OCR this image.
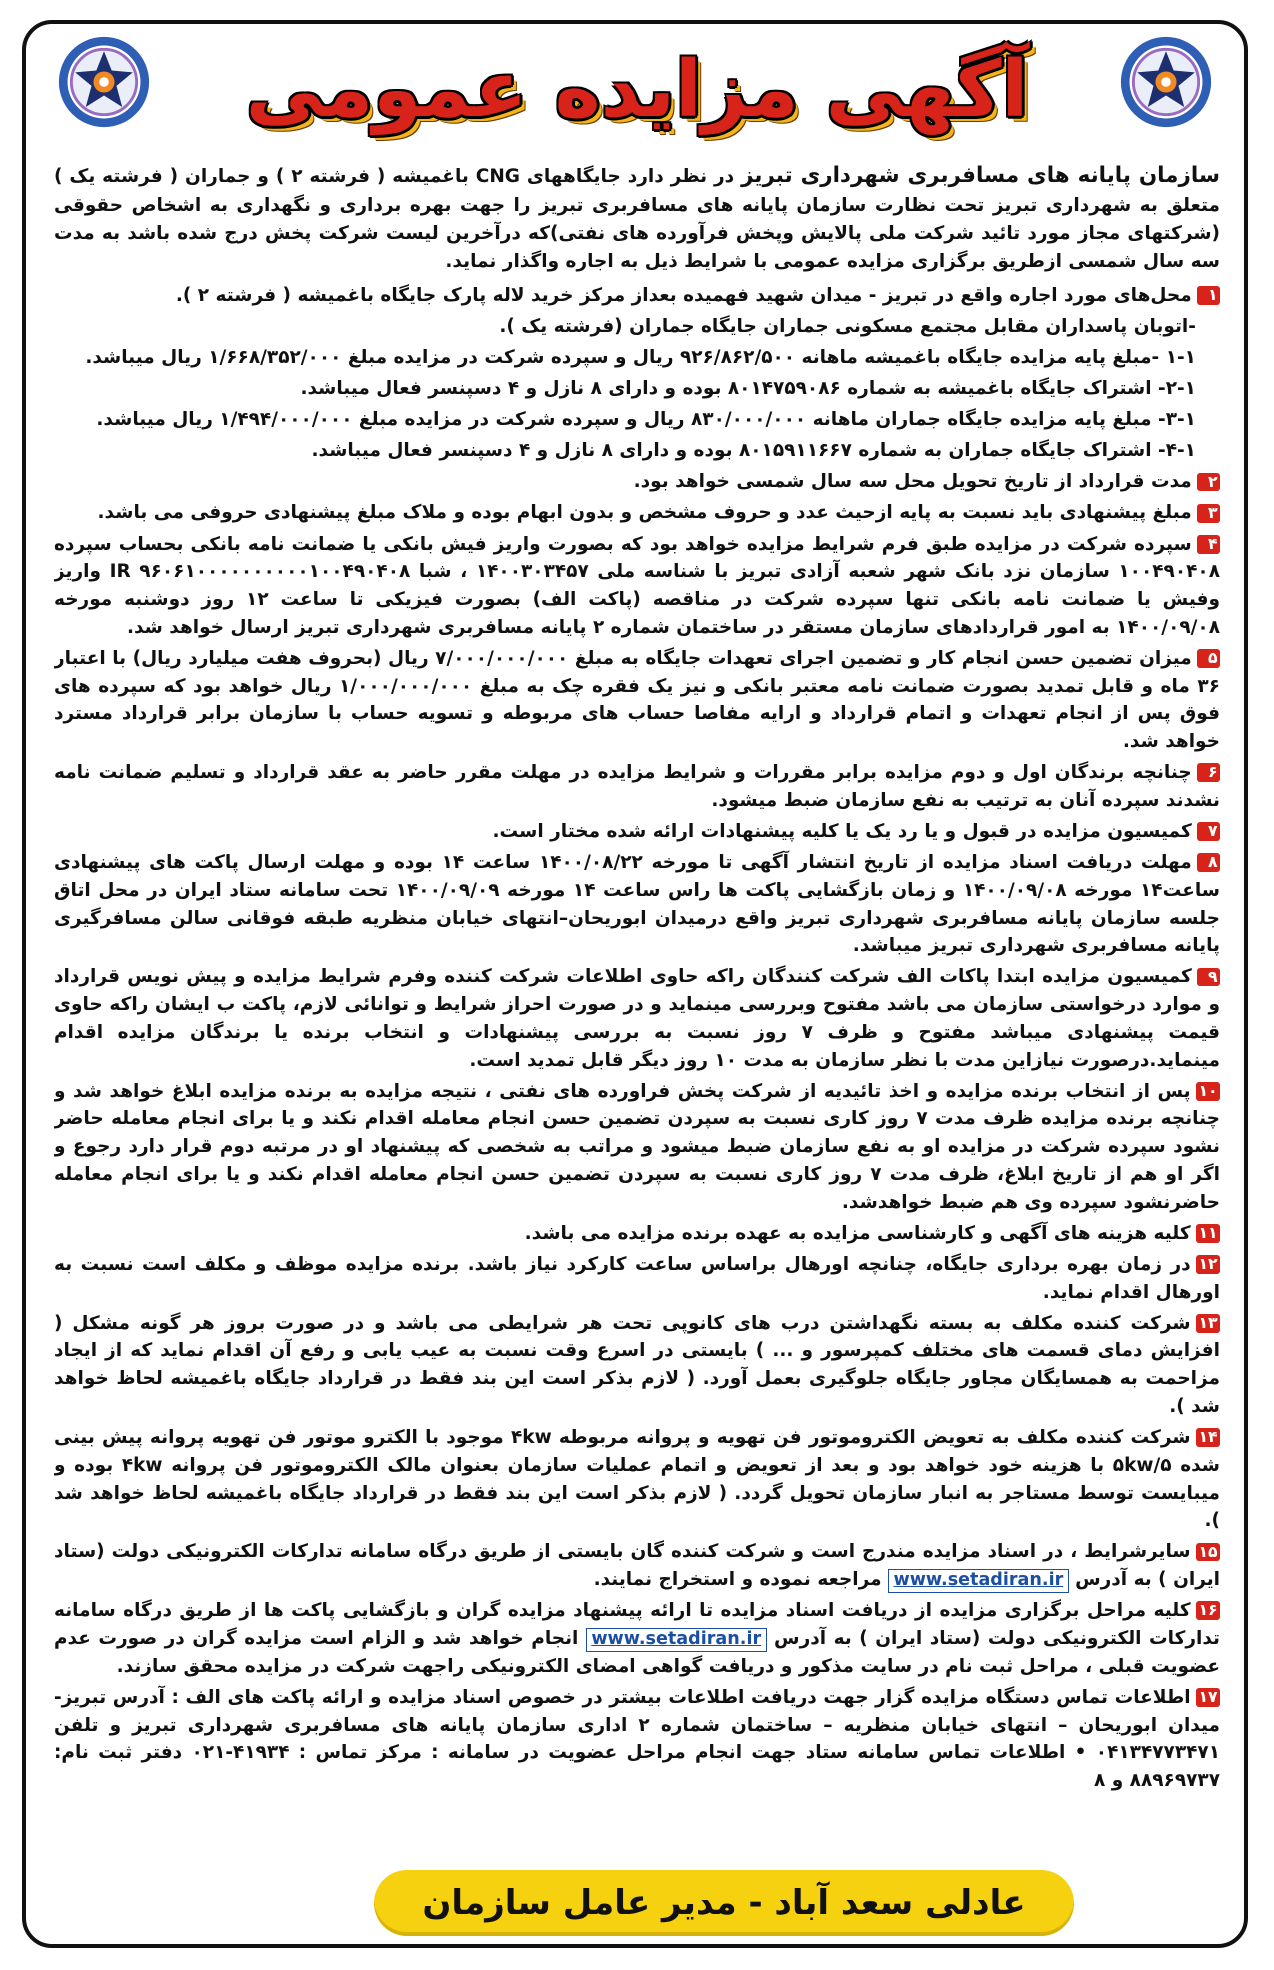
آگهی مزایده عمومی

سازمان پایانه های مسافربری شهرداری تبریز در نظر دارد جایگاههای CNG باغمیشه ( فرشته ۲ ) و جماران ( فرشته یک ) متعلق به شهرداری تبریز تحت نظارت سازمان پایانه های مسافربری تبریز را جهت بهره برداری و نگهداری به اشخاص حقوقی (شرکتهای مجاز مورد تائید شرکت ملی پالایش وپخش فرآورده های نفتی)که درآخرین لیست شرکت پخش درج شده باشد به مدت سه سال شمسی ازطریق برگزاری مزایده عمومی با شرایط ذیل به اجاره واگذار نماید.

۱محل‌های مورد اجاره واقع در تبریز - میدان شهید فهمیده بعداز مرکز خرید لاله پارک جایگاه باغمیشه ( فرشته ۲ ).

-اتوبان پاسداران مقابل مجتمع مسکونی جماران جایگاه جماران (فرشته یک ).

۱-۱ -مبلغ پایه مزایده جایگاه باغمیشه ماهانه ۹۲۶/۸۶۲/۵۰۰ ریال و سپرده شرکت در مزایده مبلغ ۱/۶۶۸/۳۵۲/۰۰۰ ریال میباشد.

۲-۱- اشتراک جایگاه باغمیشه به شماره ۸۰۱۴۷۵۹۰۸۶ بوده و دارای ۸ نازل و ۴ دسپنسر فعال میباشد.

۳-۱- مبلغ پایه مزایده جایگاه جماران ماهانه ۸۳۰/۰۰۰/۰۰۰ ریال و سپرده شرکت در مزایده مبلغ ۱/۴۹۴/۰۰۰/۰۰۰ ریال میباشد.

۴-۱- اشتراک جایگاه جماران به شماره ۸۰۱۵۹۱۱۶۶۷ بوده و دارای ۸ نازل و ۴ دسپنسر فعال میباشد.

۲مدت قرارداد از تاریخ تحویل محل سه سال شمسی خواهد بود.

۳مبلغ پیشنهادی باید نسبت به پایه ازحیث عدد و حروف مشخص و بدون ابهام بوده و ملاک مبلغ پیشنهادی حروفی می باشد.

۴سپرده شرکت در مزایده طبق فرم شرایط مزایده خواهد بود که بصورت واریز فیش بانکی یا ضمانت نامه بانکی بحساب سپرده ۱۰۰۴۹۰۴۰۸ سازمان نزد بانک شهر شعبه آزادی تبریز با شناسه ملی ۱۴۰۰۳۰۳۴۵۷ ، شبا IR ۹۶۰۶۱۰۰۰۰۰۰۰۰۰۰۱۰۰۴۹۰۴۰۸ واریز وفیش یا ضمانت نامه بانکی تنها سپرده شرکت در مناقصه (پاکت الف) بصورت فیزیکی تا ساعت ۱۲ روز دوشنبه مورخه ۱۴۰۰/۰۹/۰۸ به امور قراردادهای سازمان مستقر در ساختمان شماره ۲ پایانه مسافربری شهرداری تبریز ارسال خواهد شد.

۵میزان تضمین حسن انجام کار و تضمین اجرای تعهدات جایگاه به مبلغ ۷/۰۰۰/۰۰۰/۰۰۰ ریال (بحروف هفت میلیارد ریال) با اعتبار ۳۶ ماه و قابل تمدید بصورت ضمانت نامه معتبر بانکی و نیز یک فقره چک به مبلغ ۱/۰۰۰/۰۰۰/۰۰۰ ریال خواهد بود که سپرده های فوق پس از انجام تعهدات و اتمام قرارداد و ارایه مفاصا حساب های مربوطه و تسویه حساب با سازمان برابر قرارداد مسترد خواهد شد.

۶چنانچه برندگان اول و دوم مزایده برابر مقررات و شرایط مزایده در مهلت مقرر حاضر به عقد قرارداد و تسلیم ضمانت نامه نشدند سپرده آنان به ترتیب به نفع سازمان ضبط میشود.

۷کمیسیون مزایده در قبول و یا رد یک یا کلیه پیشنهادات ارائه شده مختار است.

۸مهلت دریافت اسناد مزایده از تاریخ انتشار آگهی تا مورخه ۱۴۰۰/۰۸/۲۲ ساعت ۱۴ بوده و مهلت ارسال پاکت های پیشنهادی ساعت۱۴ مورخه ۱۴۰۰/۰۹/۰۸ و زمان بازگشایی پاکت ها راس ساعت ۱۴ مورخه ۱۴۰۰/۰۹/۰۹ تحت سامانه ستاد ایران در محل اتاق جلسه سازمان پایانه مسافربری شهرداری تبریز واقع درمیدان ابوریحان–انتهای خیابان منظریه طبقه فوقانی سالن مسافرگیری پایانه مسافربری شهرداری تبریز میباشد.

۹کمیسیون مزایده ابتدا پاکات الف شرکت کنندگان راکه حاوی اطلاعات شرکت کننده وفرم شرایط مزایده و پیش نویس قرارداد و موارد درخواستی سازمان می باشد مفتوح وبررسی مینماید و در صورت احراز شرایط و توانائی لازم، پاکت ب ایشان راکه حاوی قیمت پیشنهادی میباشد مفتوح و ظرف ۷ روز نسبت به بررسی پیشنهادات و انتخاب برنده یا برندگان مزایده اقدام مینماید.درصورت نیازاین مدت با نظر سازمان به مدت ۱۰ روز دیگر قابل تمدید است.

۱۰پس از انتخاب برنده مزایده و اخذ تائیدیه از شرکت پخش فراورده های نفتی ، نتیجه مزایده به برنده مزایده ابلاغ خواهد شد و چنانچه برنده مزایده ظرف مدت ۷ روز کاری نسبت به سپردن تضمین حسن انجام معامله اقدام نکند و یا برای انجام معامله حاضر نشود سپرده شرکت در مزایده او به نفع سازمان ضبط میشود و مراتب به شخصی که پیشنهاد او در مرتبه دوم قرار دارد رجوع و اگر او هم از تاریخ ابلاغ، ظرف مدت ۷ روز کاری نسبت به سپردن تضمین حسن انجام معامله اقدام نکند و یا برای انجام معامله حاضرنشود سپرده وی هم ضبط خواهدشد.

۱۱کلیه هزینه های آگهی و کارشناسی مزایده به عهده برنده مزایده می باشد.

۱۲در زمان بهره برداری جایگاه، چنانچه اورهال براساس ساعت کارکرد نیاز باشد. برنده مزایده موظف و مکلف است نسبت به اورهال اقدام نماید.

۱۳شرکت کننده مکلف به بسته نگهداشتن درب های کانوپی تحت هر شرایطی می باشد و در صورت بروز هر گونه مشکل ( افزایش دمای قسمت های مختلف کمپرسور و ... ) بایستی در اسرع وقت نسبت به عیب یابی و رفع آن اقدام نماید که از ایجاد مزاحمت به همسایگان مجاور جایگاه جلوگیری بعمل آورد. ( لازم بذکر است این بند فقط در قرارداد جایگاه باغمیشه لحاظ خواهد شد ).

۱۴شرکت کننده مکلف به تعویض الکتروموتور فن تهویه و پروانه مربوطه ۴kw موجود با الکترو موتور فن تهویه پروانه پیش بینی شده ۵kw/۵ با هزینه خود خواهد بود و بعد از تعویض و اتمام عملیات سازمان بعنوان مالک الکتروموتور فن پروانه ۴kw بوده و میبایست توسط مستاجر به انبار سازمان تحویل گردد. ( لازم بذکر است این بند فقط در قرارداد جایگاه باغمیشه لحاظ خواهد شد ).

۱۵سایرشرایط ، در اسناد مزایده مندرج است و شرکت کننده گان بایستی از طریق درگاه سامانه تدارکات الکترونیکی دولت (ستاد ایران ) به آدرس www.setadiran.ir مراجعه نموده و استخراج نمایند.

۱۶کلیه مراحل برگزاری مزایده از دریافت اسناد مزایده تا ارائه پیشنهاد مزایده گران و بازگشایی پاکت ها از طریق درگاه سامانه تدارکات الکترونیکی دولت (ستاد ایران ) به آدرس www.setadiran.ir انجام خواهد شد و الزام است مزایده گران در صورت عدم عضویت قبلی ، مراحل ثبت نام در سایت مذکور و دریافت گواهی امضای الکترونیکی راجهت شرکت در مزایده محقق سازند.

۱۷اطلاعات تماس دستگاه مزایده گزار جهت دریافت اطلاعات بیشتر در خصوص اسناد مزایده و ارائه پاکت های الف : آدرس تبریز-میدان ابوریحان – انتهای خیابان منظریه – ساختمان شماره ۲ اداری سازمان پایانه های مسافربری شهرداری تبریز و تلفن ۰۴۱۳۴۷۷۳۴۷۱ • اطلاعات تماس سامانه ستاد جهت انجام مراحل عضویت در سامانه : مرکز تماس : ۴۱۹۳۴-۰۲۱ دفتر ثبت نام: ۸۸۹۶۹۷۳۷ و ۸

عادلی سعد آباد - مدیر عامل سازمان
